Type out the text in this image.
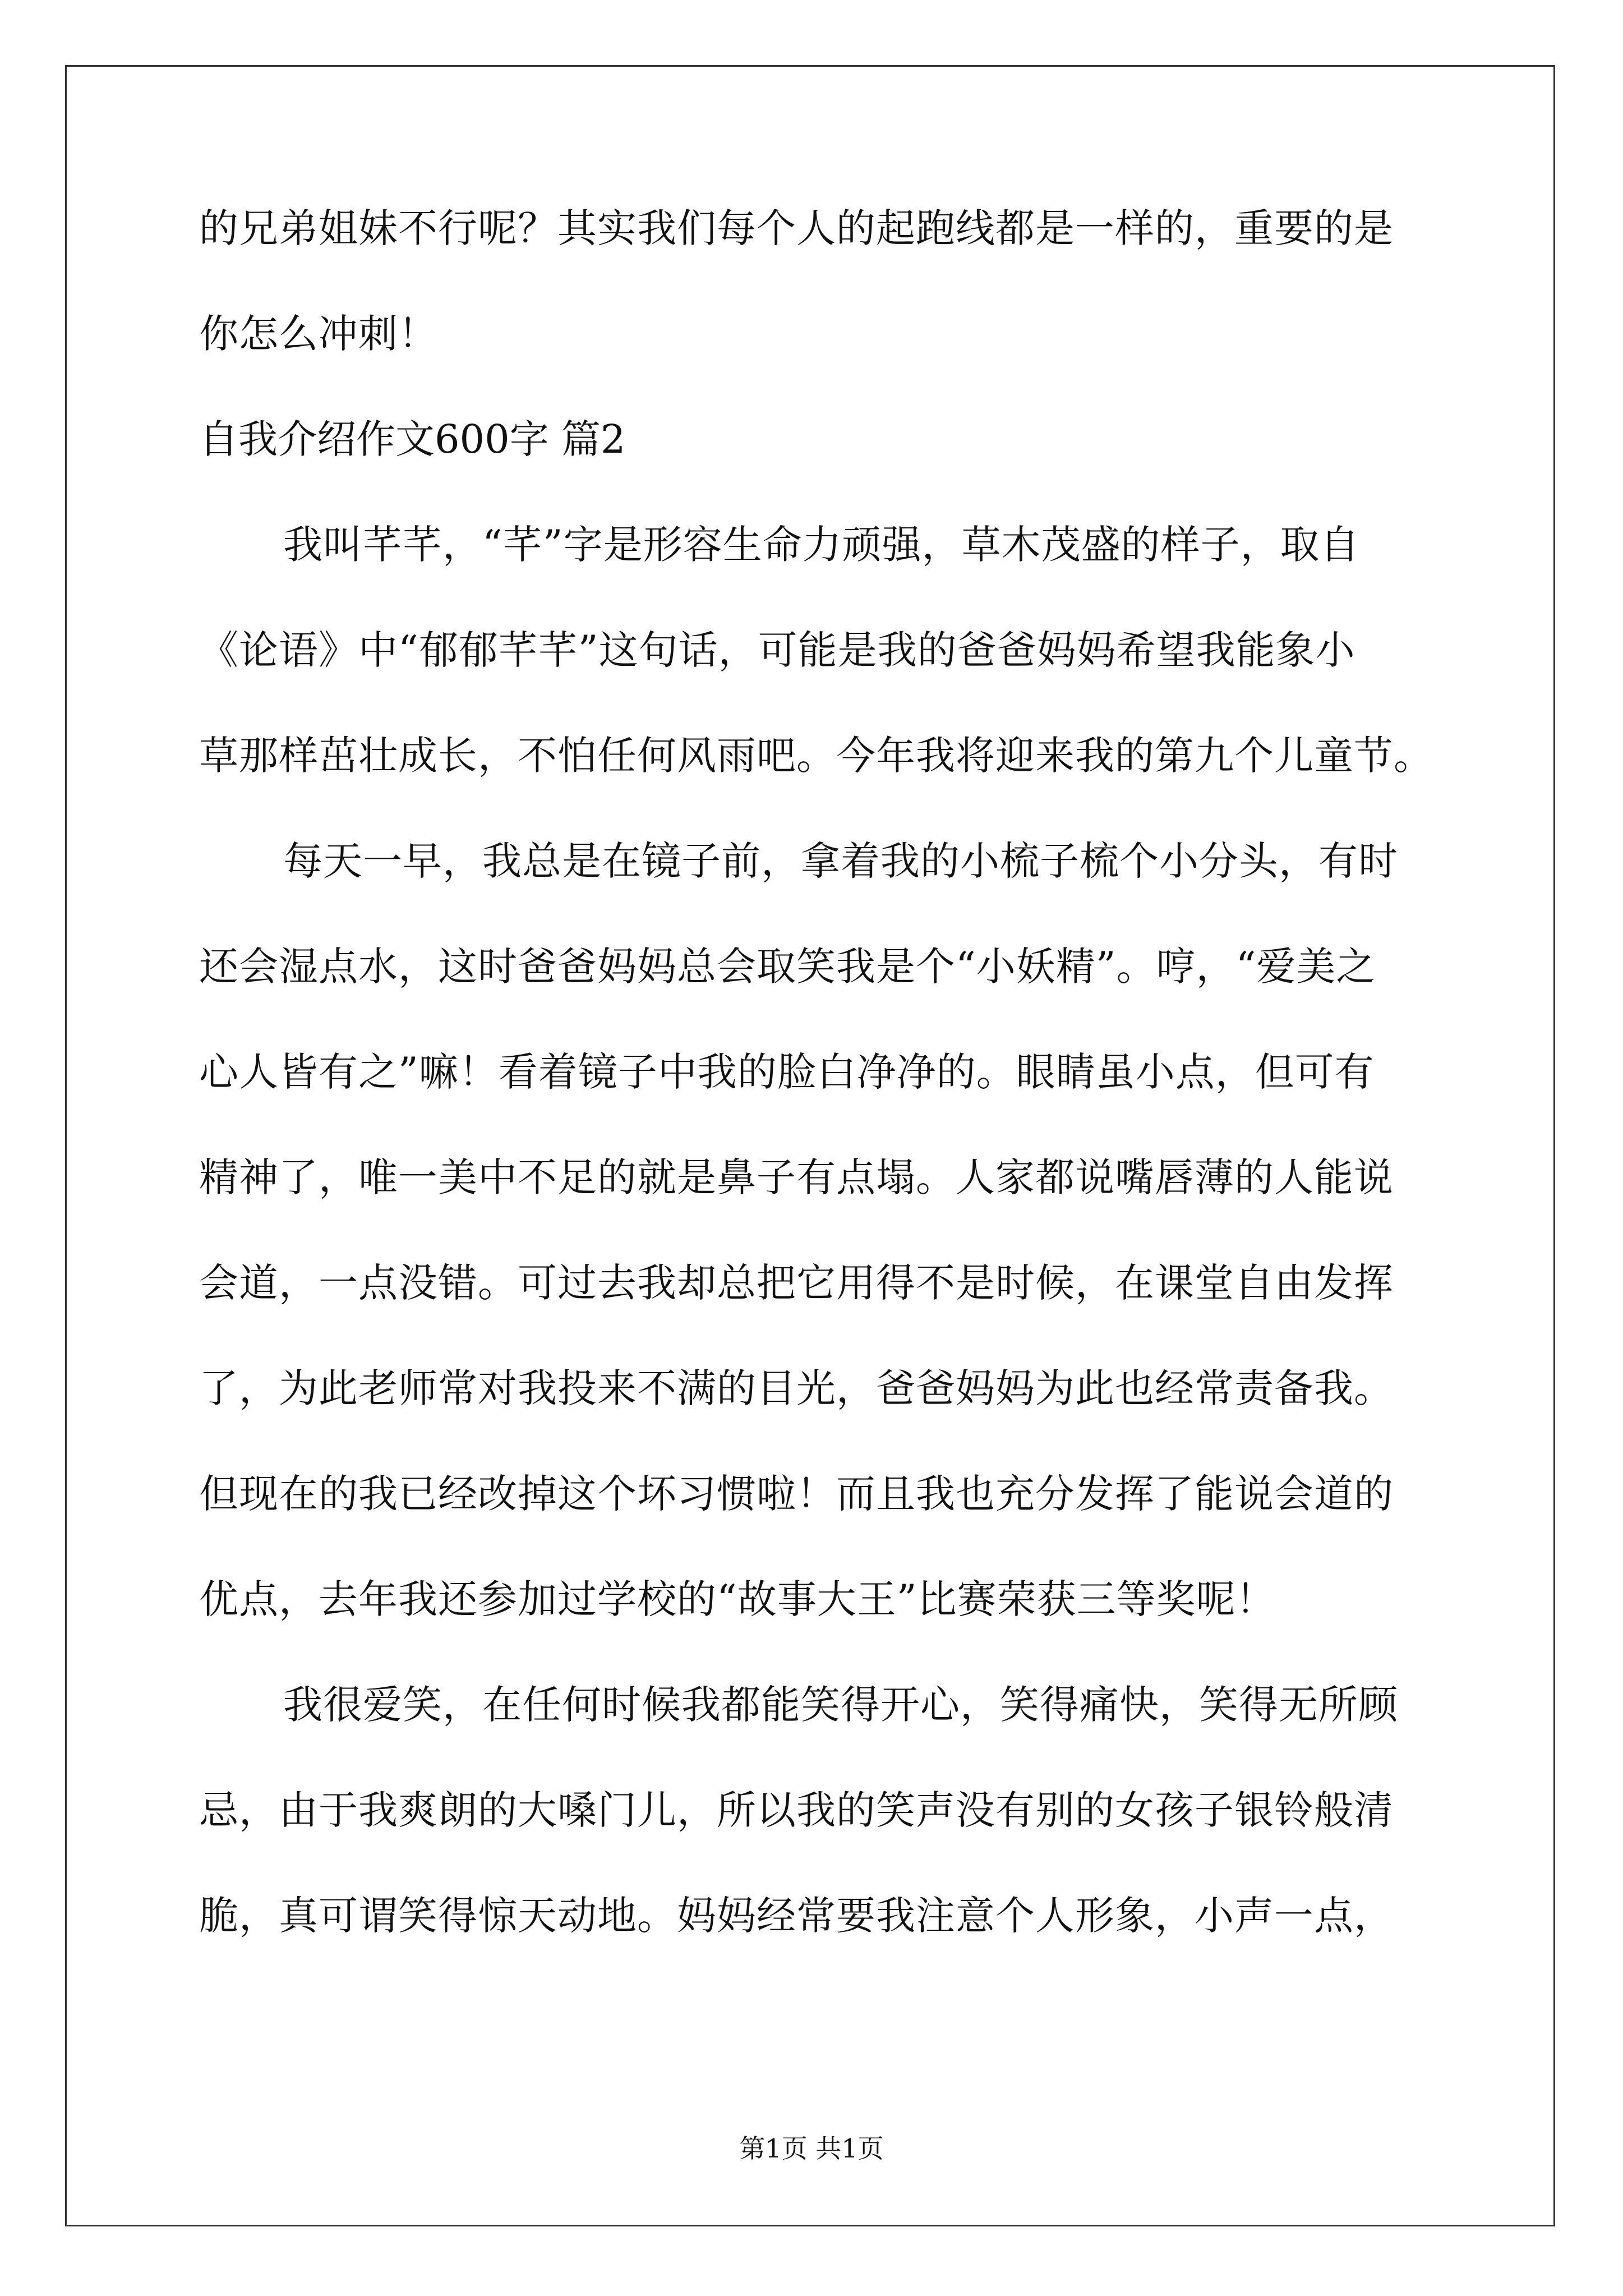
的兄弟姐妹不行呢？其实我们每个人的起跑线都是一样的，重要的是
你怎么冲刺！
自我介绍作文600字 篇2
我叫芊芊，“芊”字是形容生命力顽强，草木茂盛的样子，取自
《论语》中“郁郁芊芊”这句话，可能是我的爸爸妈妈希望我能象小
草那样茁壮成长，不怕任何风雨吧。今年我将迎来我的第九个儿童节。
每天一早，我总是在镜子前，拿着我的小梳子梳个小分头，有时
还会湿点水，这时爸爸妈妈总会取笑我是个“小妖精”。哼，“爱美之
心人皆有之”嘛！看着镜子中我的脸白净净的。眼睛虽小点，但可有
精神了，唯一美中不足的就是鼻子有点塌。人家都说嘴唇薄的人能说
会道，一点没错。可过去我却总把它用得不是时候，在课堂自由发挥
了，为此老师常对我投来不满的目光，爸爸妈妈为此也经常责备我。
但现在的我已经改掉这个坏习惯啦！而且我也充分发挥了能说会道的
优点，去年我还参加过学校的“故事大王”比赛荣获三等奖呢！
我很爱笑，在任何时候我都能笑得开心，笑得痛快，笑得无所顾
忌，由于我爽朗的大嗓门儿，所以我的笑声没有别的女孩子银铃般清
脆，真可谓笑得惊天动地。妈妈经常要我注意个人形象，小声一点，
第1页 共1页
